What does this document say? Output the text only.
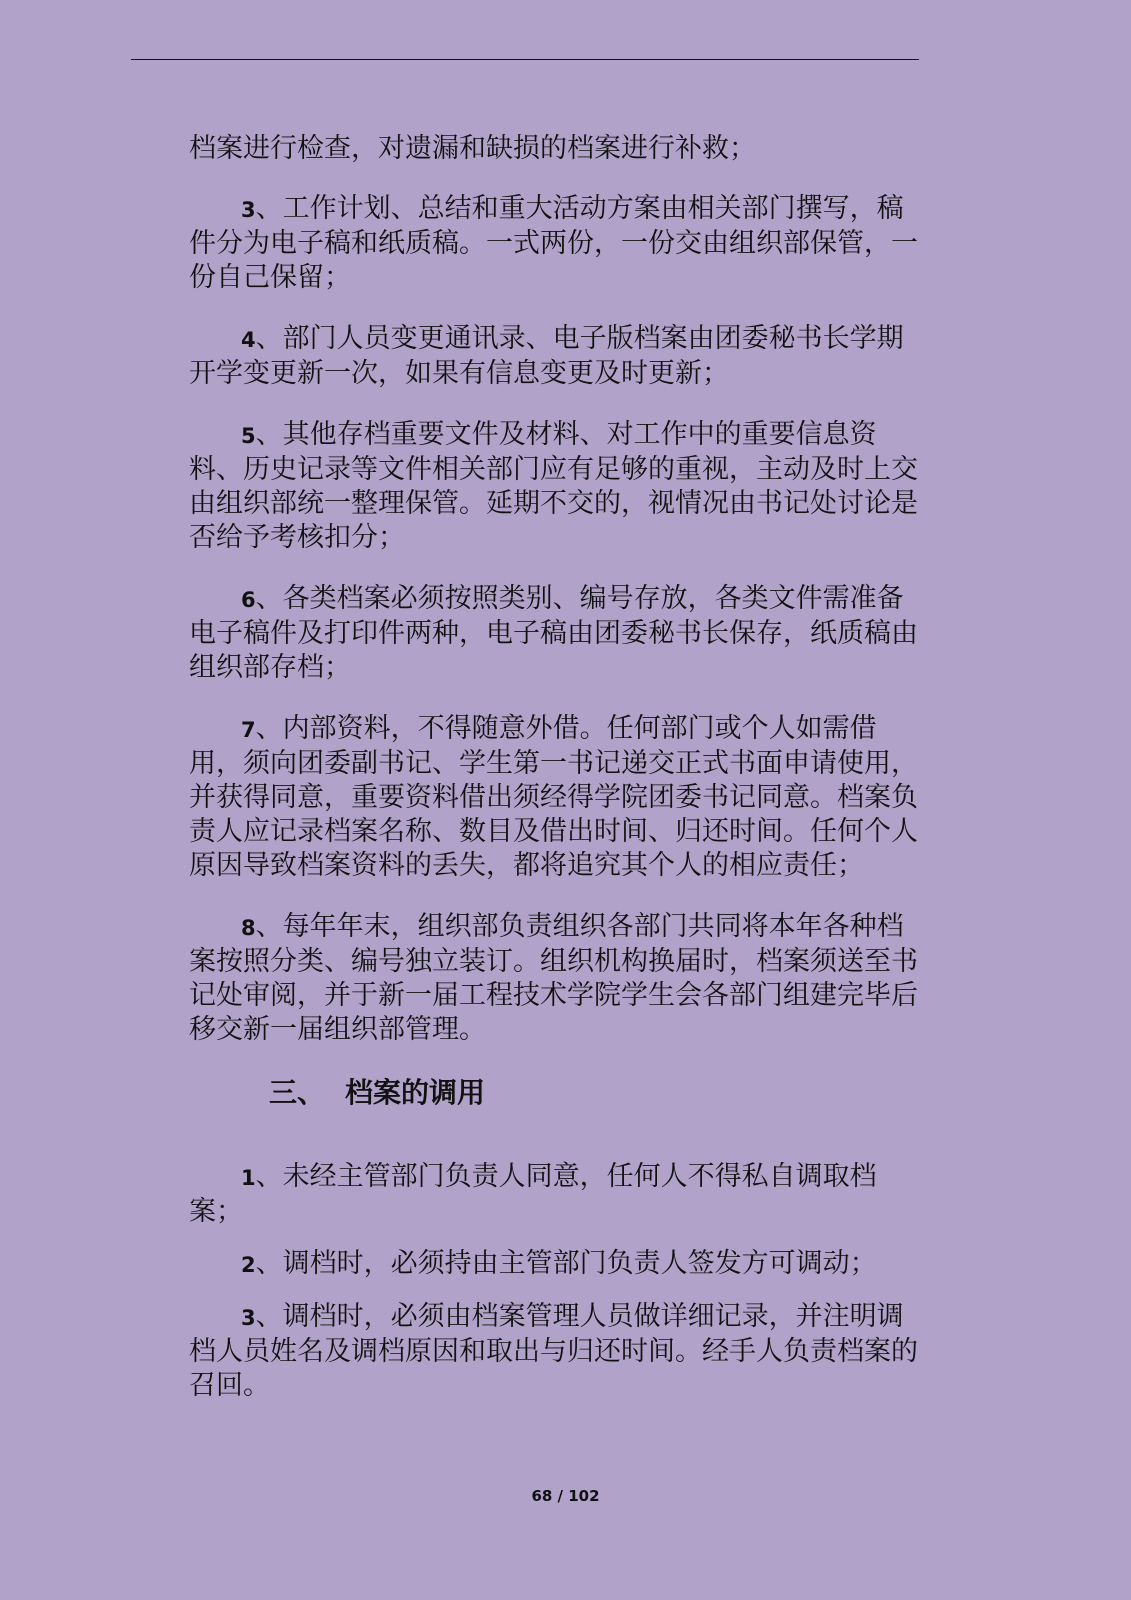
档案进行检查，对遗漏和缺损的档案进行补救；

3、工作计划、总结和重大活动方案由相关部门撰写，稿件分为电子稿和纸质稿。一式两份，一份交由组织部保管，一份自己保留；

4、部门人员变更通讯录、电子版档案由团委秘书长学期开学变更新一次，如果有信息变更及时更新；

5、其他存档重要文件及材料、对工作中的重要信息资料、历史记录等文件相关部门应有足够的重视，主动及时上交由组织部统一整理保管。延期不交的，视情况由书记处讨论是否给予考核扣分；

6、各类档案必须按照类别、编号存放，各类文件需准备电子稿件及打印件两种，电子稿由团委秘书长保存，纸质稿由组织部存档；

7、内部资料，不得随意外借。任何部门或个人如需借用，须向团委副书记、学生第一书记递交正式书面申请使用，并获得同意，重要资料借出须经得学院团委书记同意。档案负责人应记录档案名称、数目及借出时间、归还时间。任何个人原因导致档案资料的丢失，都将追究其个人的相应责任；

8、每年年末，组织部负责组织各部门共同将本年各种档案按照分类、编号独立装订。组织机构换届时，档案须送至书记处审阅，并于新一届工程技术学院学生会各部门组建完毕后移交新一届组织部管理。

三、 档案的调用

1、未经主管部门负责人同意，任何人不得私自调取档案；

2、调档时，必须持由主管部门负责人签发方可调动；

3、调档时，必须由档案管理人员做详细记录，并注明调档人员姓名及调档原因和取出与归还时间。经手人负责档案的召回。

68 / 102
